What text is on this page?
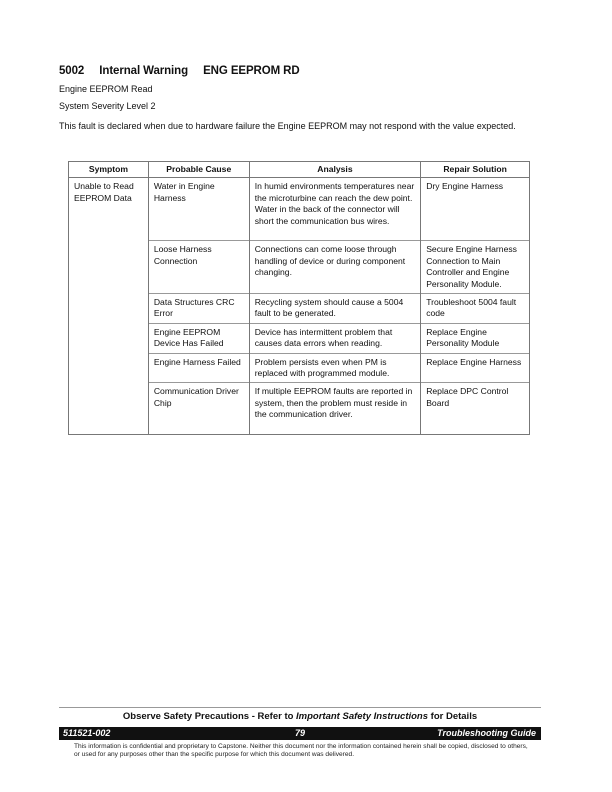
5002 Internal Warning ENG EEPROM RD
Engine EEPROM Read
System Severity Level 2
This fault is declared when due to hardware failure the Engine EEPROM may not respond with the value expected.
Symptom	Probable Cause	Analysis	Repair Solution
Unable to Read EEPROM Data	Water in Engine Harness	In humid environments temperatures near the microturbine can reach the dew point. Water in the back of the connector will short the communication bus wires.	Dry Engine Harness
	Loose Harness Connection	Connections can come loose through handling of device or during component changing.	Secure Engine Harness Connection to Main Controller and Engine Personality Module.
	Data Structures CRC Error	Recycling system should cause a 5004 fault to be generated.	Troubleshoot 5004 fault code
	Engine EEPROM Device Has Failed	Device has intermittent problem that causes data errors when reading.	Replace Engine Personality Module
	Engine Harness Failed	Problem persists even when PM is replaced with programmed module.	Replace Engine Harness
	Communication Driver Chip	If multiple EEPROM faults are reported in system, then the problem must reside in the communication driver.	Replace DPC Control Board
Observe Safety Precautions - Refer to Important Safety Instructions for Details
511521-002	79	Troubleshooting Guide
This information is confidential and proprietary to Capstone. Neither this document nor the information contained herein shall be copied, disclosed to others, or used for any purposes other than the specific purpose for which this document was delivered.
